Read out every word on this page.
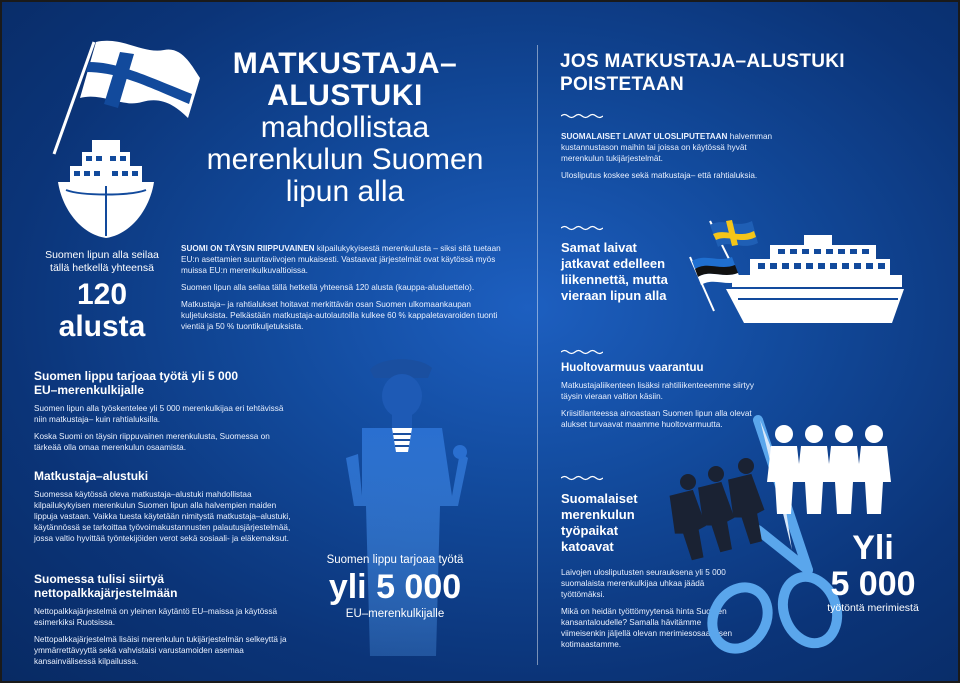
MATKUSTAJA–
ALUSTUKI
mahdollistaa
merenkulun Suomen
lipun alla
Suomen lipun alla seilaa
tällä hetkellä yhteensä
120
alusta

SUOMI ON TÄYSIN RIIPPUVAINEN kilpailukykyisestä merenkulusta – siksi sitä tuetaan EU:n asettamien suuntaviivojen mukaisesti. Vastaavat järjestelmät ovat käytössä myös muissa EU:n merenkulkuvaltioissa.

Suomen lipun alla seilaa tällä hetkellä yhteensä 120 alusta (kauppa-alusluettelo).

Matkustaja– ja rahtialukset hoitavat merkittävän osan Suomen ulkomaankaupan kuljetuksista. Pelkästään matkustaja-autolautoilla kulkee 60 % kappaletavaroiden tuonti vientiä ja 50 % tuontikuljetuksista.

Suomen lippu tarjoaa työtä yli 5 000
EU–merenkulkijalle

Suomen lipun alla työskentelee yli 5 000 merenkulkijaa eri tehtävissä niin matkustaja– kuin rahtialuksilla.

Koska Suomi on täysin riippuvainen merenkulusta, Suomessa on tärkeää olla omaa merenkulun osaamista.

Matkustaja–alustuki

Suomessa käytössä oleva matkustaja–alustuki mahdollistaa kilpailukykyisen merenkulun Suomen lipun alla halvempien maiden lippuja vastaan. Vaikka tuesta käytetään nimitystä matkustaja–alustuki, käytännössä se tarkoittaa työvoimakustannusten palautusjärjestelmää, jossa valtio hyvittää työntekijöiden verot sekä sosiaali- ja eläkemaksut.

Suomessa tulisi siirtyä nettopalkkajärjestelmään

Nettopalkkajärjestelmä on yleinen käytäntö EU–maissa ja käytössä esimerkiksi Ruotsissa.

Nettopalkkajärjestelmä lisäisi merenkulun tukijärjestelmän selkeyttä ja ymmärrettävyyttä sekä vahvistaisi varustamoiden asemaa kansainvälisessä kilpailussa.

Suomen lippu tarjoaa työtä
yli 5 000
EU–merenkulkijalle
JOS MATKUSTAJA–ALUSTUKI
POISTETAAN

SUOMALAISET LAIVAT ULOSLIPUTETAAN halvemman kustannustason maihin tai joissa on käytössä hyvät merenkulun tukijärjestelmät.

Ulosliputus koskee sekä matkustaja– että rahtialuksia.

Samat laivat
jatkavat edelleen
liikennettä, mutta
vieraan lipun alla
Huoltovarmuus vaarantuu

Matkustajaliikenteen lisäksi rahtiliikenteeemme siirtyy täysin vieraan valtion käsiin.

Kriisitilanteessa ainoastaan Suomen lipun alla olevat alukset turvaavat maamme huoltovarmuutta.

Suomalaiset
merenkulun
työpaikat
katoavat

Laivojen ulosliputusten seurauksena yli 5 000 suomalaista merenkulkijaa uhkaa jäädä työttömäksi.

Mikä on heidän työttömyytensä hinta Suomen kansantaloudelle? Samalla hävitämme viimeisenkin jäljellä olevan merimiesosaamisen kotimaastamme.

Yli
5 000
työtöntä merimiestä
